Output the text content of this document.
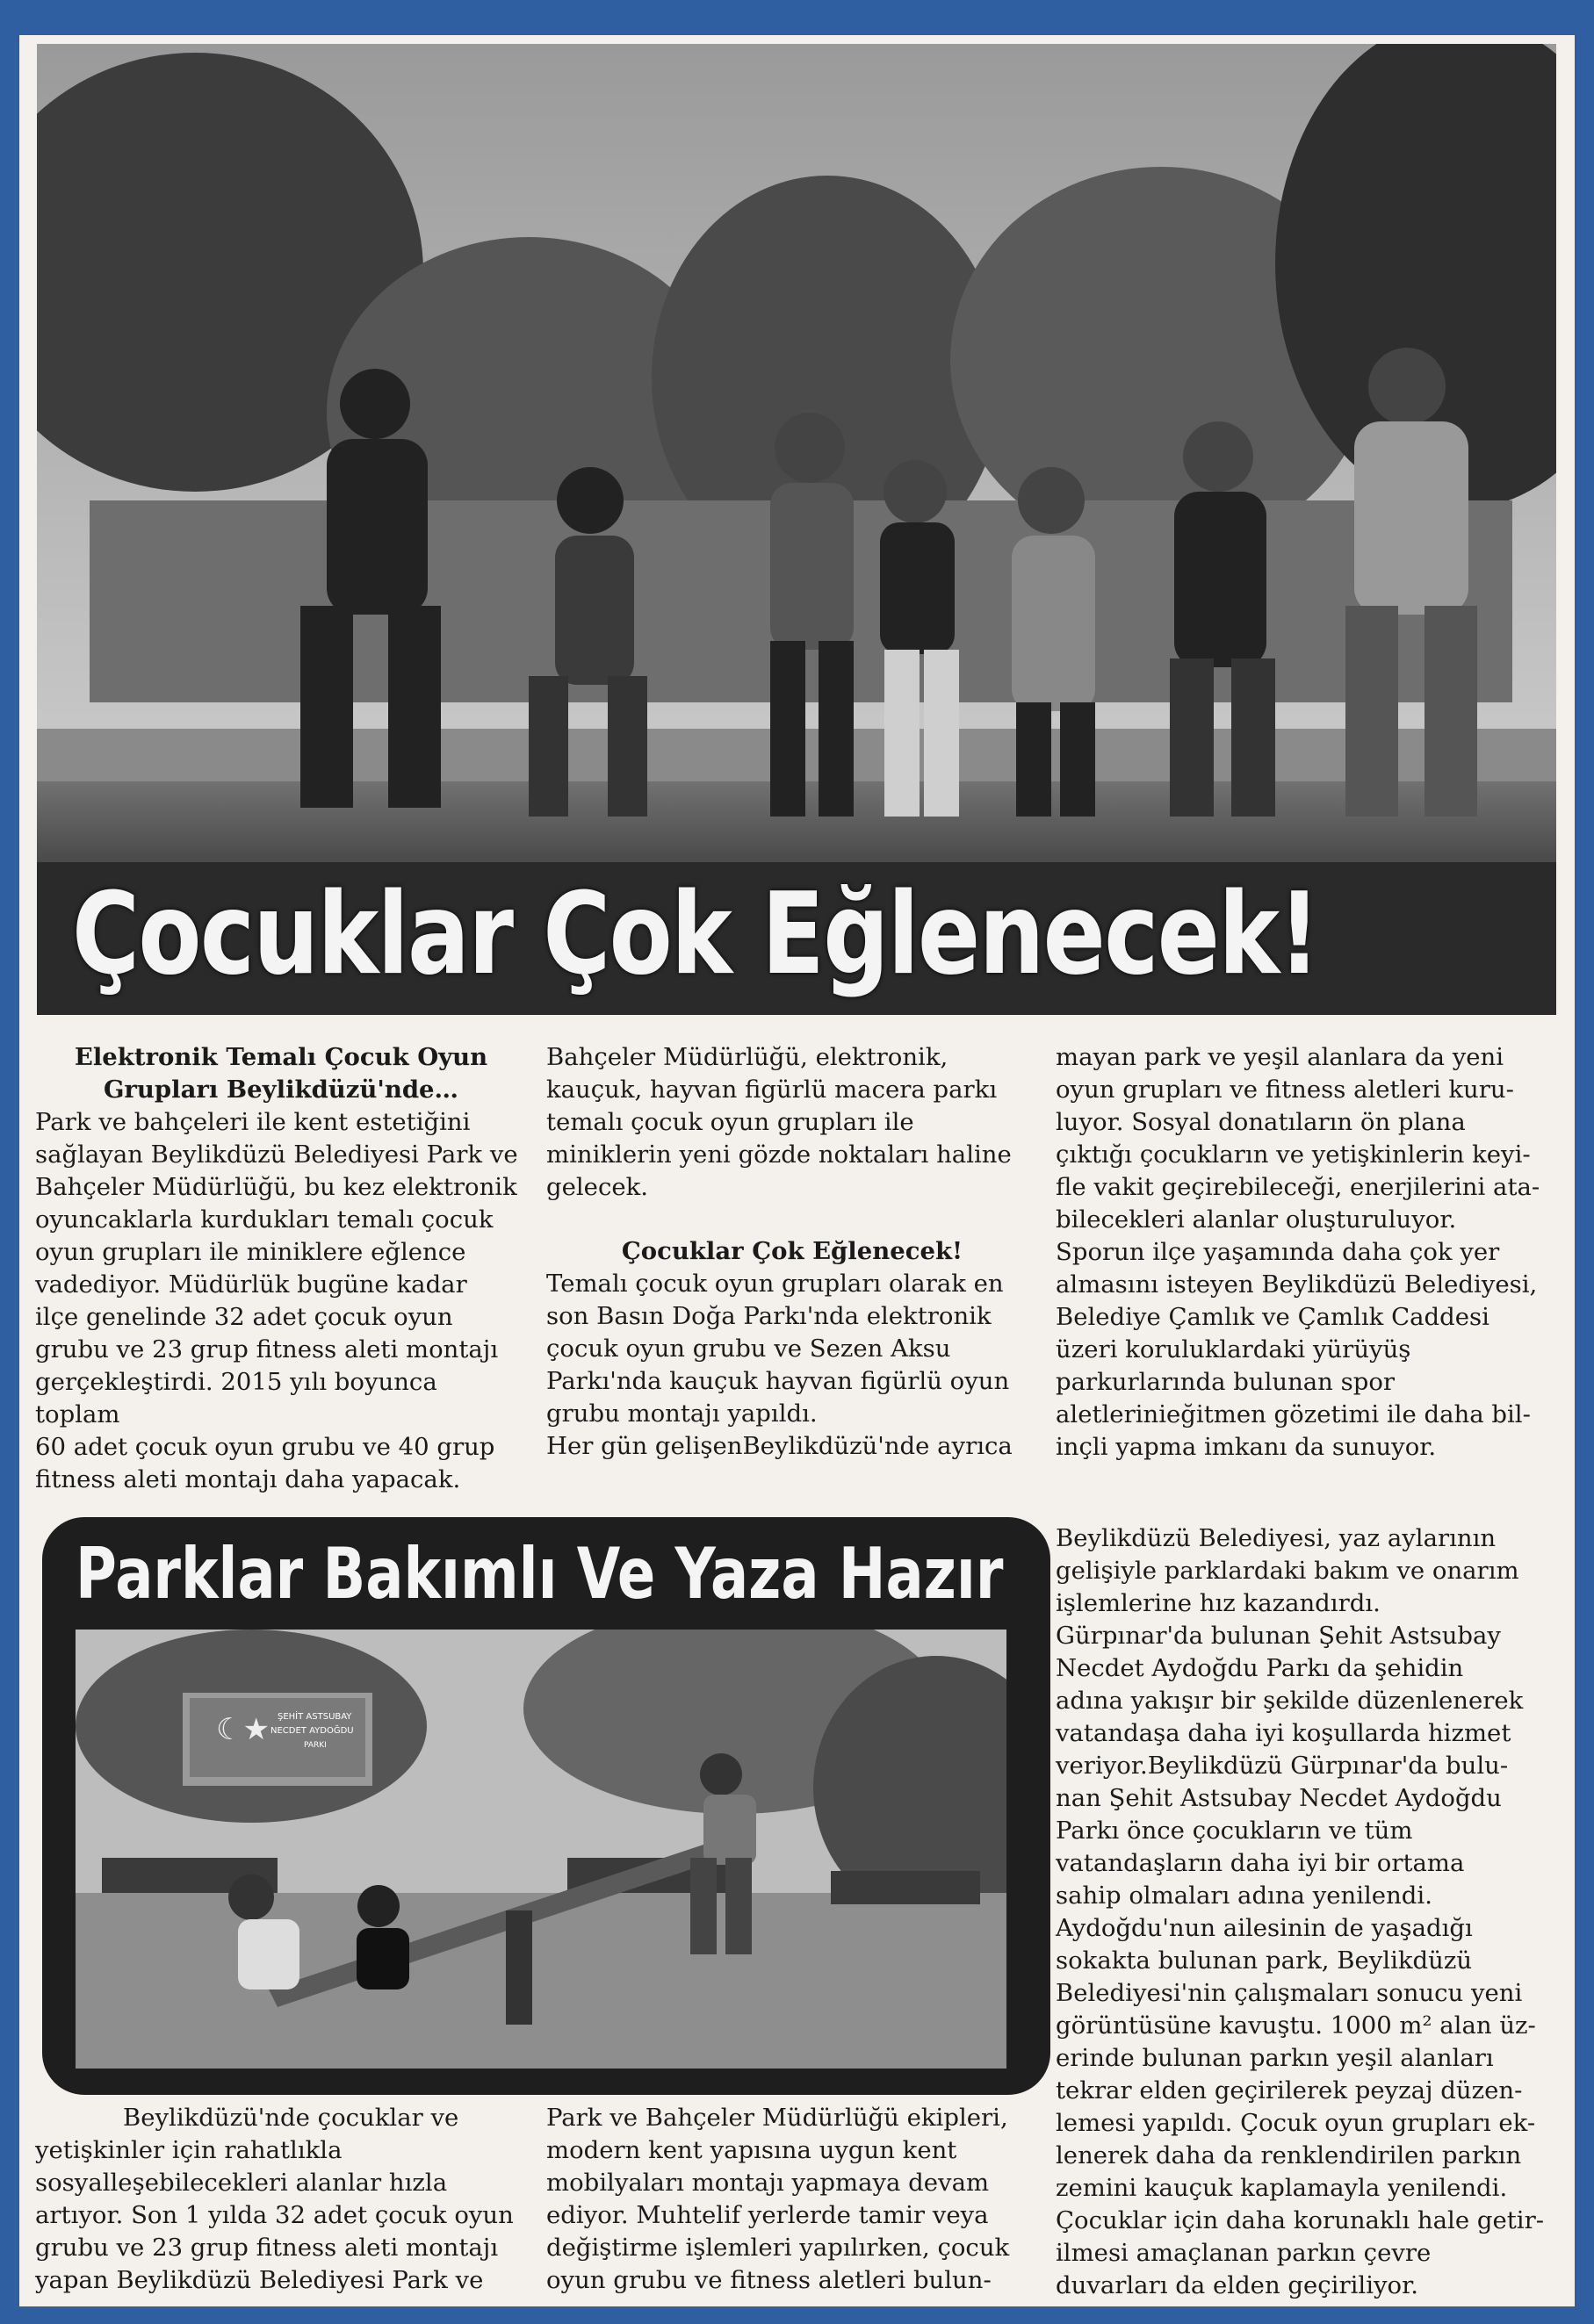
Çocuklar Çok Eğlenecek!

Elektronik Temalı Çocuk Oyun

Grupları Beylikdüzü'nde…

Park ve bahçeleri ile kent estetiğini

sağlayan Beylikdüzü Belediyesi Park ve

Bahçeler Müdürlüğü, bu kez elektronik

oyuncaklarla kurdukları temalı çocuk

oyun grupları ile miniklere eğlence

vadediyor. Müdürlük bugüne kadar

ilçe genelinde 32 adet çocuk oyun

grubu ve 23 grup fitness aleti montajı

gerçekleştirdi. 2015 yılı boyunca toplam

60 adet çocuk oyun grubu ve 40 grup

fitness aleti montajı daha yapacak.

Bahçeler Müdürlüğü, elektronik,

kauçuk, hayvan figürlü macera parkı

temalı çocuk oyun grupları ile

miniklerin yeni gözde noktaları haline

gelecek.

Çocuklar Çok Eğlenecek!

Temalı çocuk oyun grupları olarak en

son Basın Doğa Parkı'nda elektronik

çocuk oyun grubu ve Sezen Aksu

Parkı'nda kauçuk hayvan figürlü oyun

grubu montajı yapıldı.

Her gün gelişenBeylikdüzü'nde ayrıca

mayan park ve yeşil alanlara da yeni

oyun grupları ve fitness aletleri kuru-

luyor. Sosyal donatıların ön plana

çıktığı çocukların ve yetişkinlerin keyi-

fle vakit geçirebileceği, enerjilerini ata-

bilecekleri alanlar oluşturuluyor.

Sporun ilçe yaşamında daha çok yer

almasını isteyen Beylikdüzü Belediyesi,

Belediye Çamlık ve Çamlık Caddesi

üzeri koruluklardaki yürüyüş

parkurlarında bulunan spor

aletlerinieğitmen gözetimi ile daha bil-

inçli yapma imkanı da sunuyor.

Parklar Bakımlı Ve Yaza Hazır
☾★ ŞEHİT ASTSUBAY
NECDET AYDOĞDU
PARKI

Beylikdüzü'nde çocuklar ve

yetişkinler için rahatlıkla

sosyalleşebilecekleri alanlar hızla

artıyor. Son 1 yılda 32 adet çocuk oyun

grubu ve 23 grup fitness aleti montajı

yapan Beylikdüzü Belediyesi Park ve

Park ve Bahçeler Müdürlüğü ekipleri,

modern kent yapısına uygun kent

mobilyaları montajı yapmaya devam

ediyor. Muhtelif yerlerde tamir veya

değiştirme işlemleri yapılırken, çocuk

oyun grubu ve fitness aletleri bulun-

Beylikdüzü Belediyesi, yaz aylarının

gelişiyle parklardaki bakım ve onarım

işlemlerine hız kazandırdı.

Gürpınar'da bulunan Şehit Astsubay

Necdet Aydoğdu Parkı da şehidin

adına yakışır bir şekilde düzenlenerek

vatandaşa daha iyi koşullarda hizmet

veriyor.Beylikdüzü Gürpınar'da bulu-

nan Şehit Astsubay Necdet Aydoğdu

Parkı önce çocukların ve tüm

vatandaşların daha iyi bir ortama

sahip olmaları adına yenilendi.

Aydoğdu'nun ailesinin de yaşadığı

sokakta bulunan park, Beylikdüzü

Belediyesi'nin çalışmaları sonucu yeni

görüntüsüne kavuştu. 1000 m² alan üz-

erinde bulunan parkın yeşil alanları

tekrar elden geçirilerek peyzaj düzen-

lemesi yapıldı. Çocuk oyun grupları ek-

lenerek daha da renklendirilen parkın

zemini kauçuk kaplamayla yenilendi.

Çocuklar için daha korunaklı hale getir-

ilmesi amaçlanan parkın çevre

duvarları da elden geçiriliyor.
